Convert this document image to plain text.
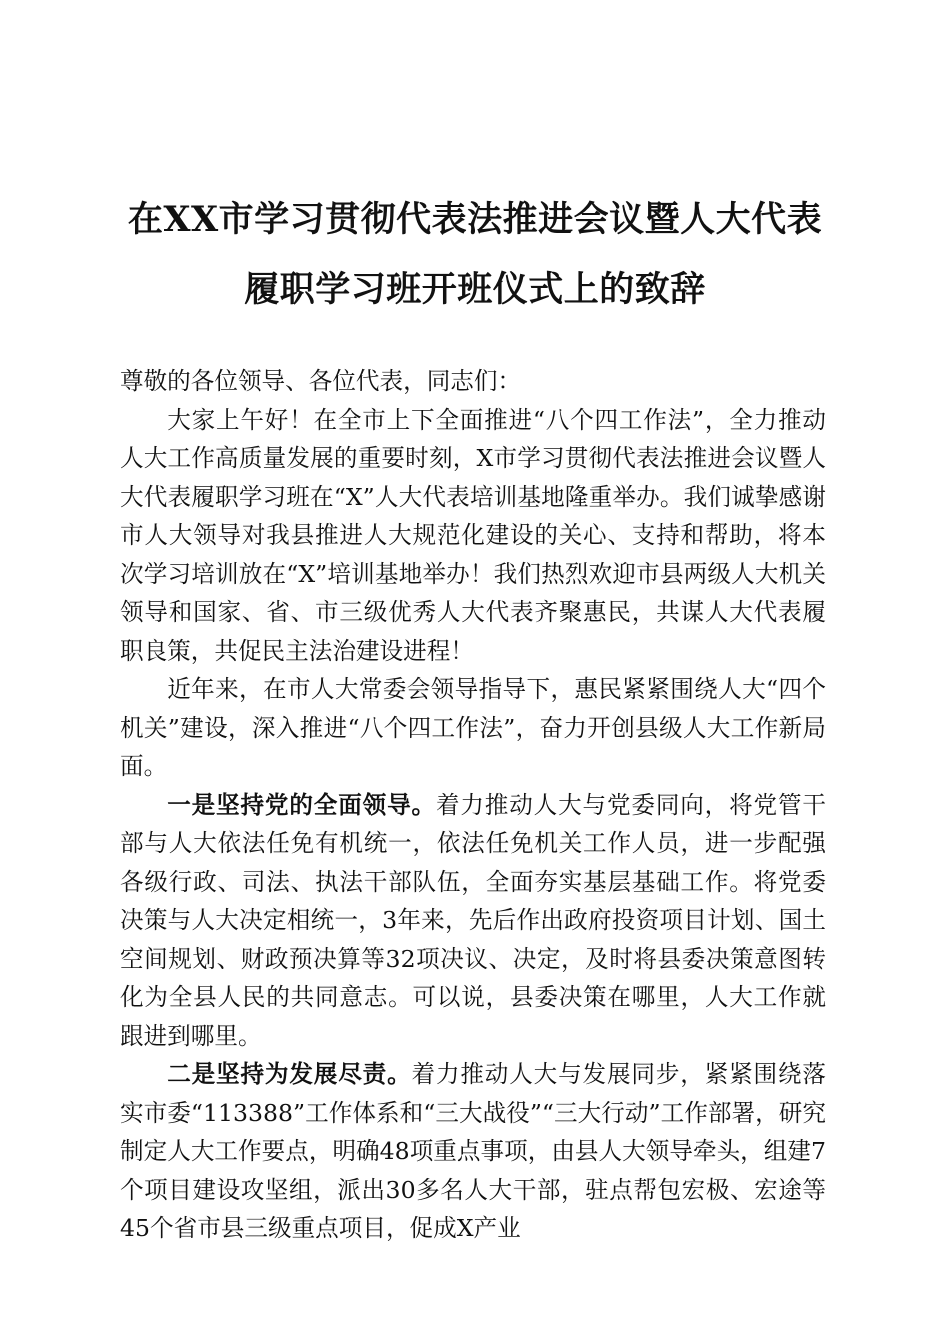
在XX市学习贯彻代表法推进会议暨人大代表
履职学习班开班仪式上的致辞

尊敬的各位领导、各位代表，同志们：

大家上午好！在全市上下全面推进“八个四工作法”，全力推动人大工作高质量发展的重要时刻，X市学习贯彻代表法推进会议暨人大代表履职学习班在“X”人大代表培训基地隆重举办。我们诚挚感谢市人大领导对我县推进人大规范化建设的关心、支持和帮助，将本次学习培训放在“X”培训基地举办！我们热烈欢迎市县两级人大机关领导和国家、省、市三级优秀人大代表齐聚惠民，共谋人大代表履职良策，共促民主法治建设进程！

近年来，在市人大常委会领导指导下，惠民紧紧围绕人大“四个机关”建设，深入推进“八个四工作法”，奋力开创县级人大工作新局面。

一是坚持党的全面领导。着力推动人大与党委同向，将党管干部与人大依法任免有机统一，依法任免机关工作人员，进一步配强各级行政、司法、执法干部队伍，全面夯实基层基础工作。将党委决策与人大决定相统一，3年来，先后作出政府投资项目计划、国土空间规划、财政预决算等32项决议、决定，及时将县委决策意图转化为全县人民的共同意志。可以说，县委决策在哪里，人大工作就跟进到哪里。

二是坚持为发展尽责。着力推动人大与发展同步，紧紧围绕落实市委“113388”工作体系和“三大战役”“三大行动”工作部署，研究制定人大工作要点，明确48项重点事项，由县人大领导牵头，组建7个项目建设攻坚组，派出30多名人大干部，驻点帮包宏极、宏途等45个省市县三级重点项目，促成X产业
